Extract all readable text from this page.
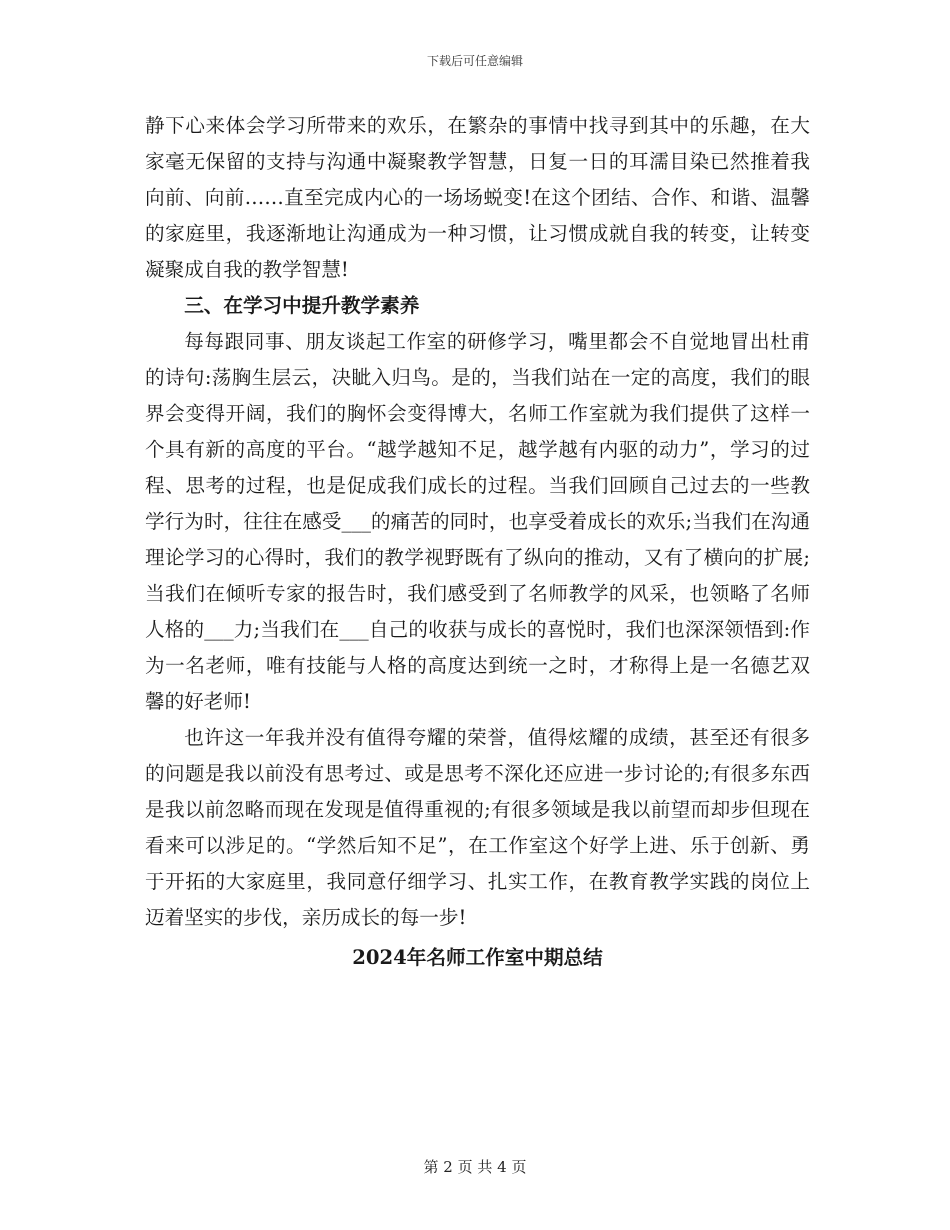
下载后可任意编辑

静下心来体会学习所带来的欢乐，在繁杂的事情中找寻到其中的乐趣，在大家毫无保留的支持与沟通中凝聚教学智慧，日复一日的耳濡目染已然推着我向前、向前……直至完成内心的一场场蜕变!在这个团结、合作、和谐、温馨的家庭里，我逐渐地让沟通成为一种习惯，让习惯成就自我的转变，让转变凝聚成自我的教学智慧!

三、在学习中提升教学素养

每每跟同事、朋友谈起工作室的研修学习，嘴里都会不自觉地冒出杜甫的诗句:荡胸生层云，决眦入归鸟。是的，当我们站在一定的高度，我们的眼界会变得开阔，我们的胸怀会变得博大，名师工作室就为我们提供了这样一个具有新的高度的平台。“越学越知不足，越学越有内驱的动力”，学习的过程、思考的过程，也是促成我们成长的过程。当我们回顾自己过去的一些教学行为时，往往在感受___的痛苦的同时，也享受着成长的欢乐;当我们在沟通理论学习的心得时，我们的教学视野既有了纵向的推动，又有了横向的扩展;当我们在倾听专家的报告时，我们感受到了名师教学的风采，也领略了名师人格的___力;当我们在___自己的收获与成长的喜悦时，我们也深深领悟到:作为一名老师，唯有技能与人格的高度达到统一之时，才称得上是一名德艺双馨的好老师!

也许这一年我并没有值得夸耀的荣誉，值得炫耀的成绩，甚至还有很多的问题是我以前没有思考过、或是思考不深化还应进一步讨论的;有很多东西是我以前忽略而现在发现是值得重视的;有很多领域是我以前望而却步但现在看来可以涉足的。“学然后知不足”，在工作室这个好学上进、乐于创新、勇于开拓的大家庭里，我同意仔细学习、扎实工作，在教育教学实践的岗位上迈着坚实的步伐，亲历成长的每一步!

2024年名师工作室中期总结

第 2 页 共 4 页
